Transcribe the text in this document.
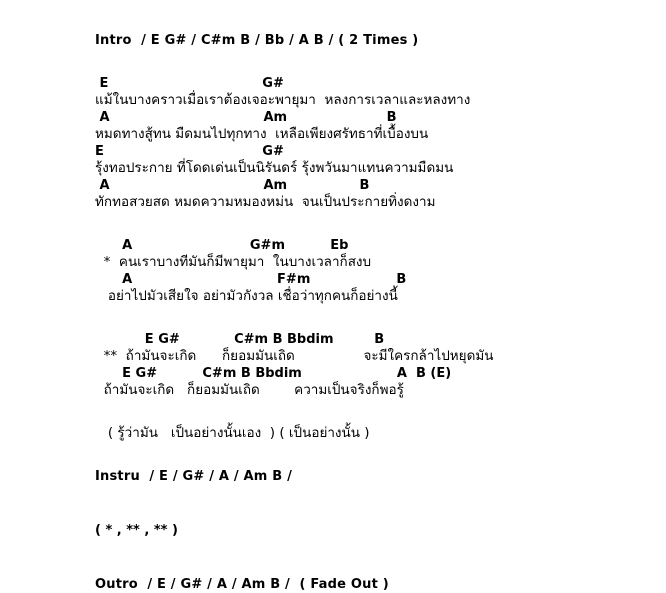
Intro  / E G# / C#m B / Bb / A B / ( 2 Times )
E                                  G#
แม้ในบางคราวเมื่อเราต้องเจอะพายุมา  หลงการเวลาและหลงทาง
A                                  Am                      B
หมดทางสู้ทน มืดมนไปทุกทาง  เหลือเพียงศรัทธาที่เบื้องบน
E                                   G#
รุ้งทอประกาย ที่โดดเด่นเป็นนิรันดร์ รุ้งพวันมาแทนความมืดมน
A                                  Am                B
ทักทอสวยสด หมดความหมองหม่น  จนเป็นประกายทิ่งดงาม
A                          G#m          Eb
*  คนเราบางทีมันก็มีพายุมา  ในบางเวลาก็สงบ
A                                F#m                   B
อย่าไปมัวเสียใจ อย่ามัวกังวล เชื่อว่าทุกคนก็อย่างนี้
E G#            C#m B Bbdim         B
**  ถ้ามันจะเกิด      ก็ยอมมันเถิด                จะมีใครกล้าไปหยุดมัน
E G#          C#m B Bbdim                     A  B (E)
ถ้ามันจะเกิด   ก็ยอมมันเถิด        ความเป็นจริงก็พอรู้
( รู้ว่ามัน   เป็นอย่างนั้นเอง  ) ( เป็นอย่างนั้น )
Instru  / E / G# / A / Am B /
( * , ** , ** )
Outro  / E / G# / A / Am B /  ( Fade Out )
